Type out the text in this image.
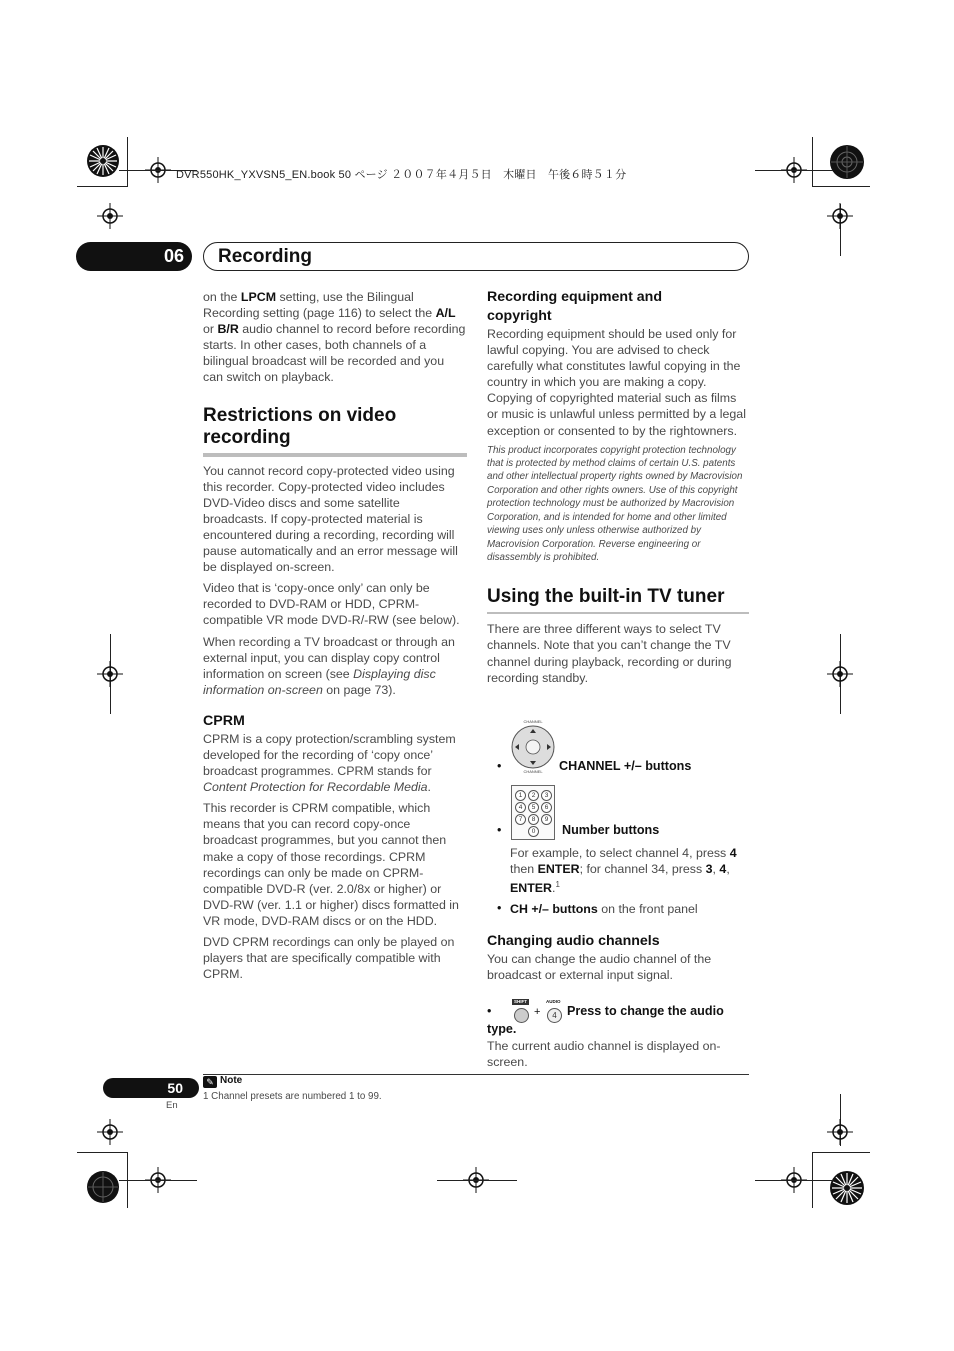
DVR550HK_YXVSN5_EN.book 50 ページ ２００７年４月５日　木曜日　午後６時５１分
06	Recording

on the LPCM setting, use the Bilingual Recording setting (page 116) to select the A/L or B/R audio channel to record before recording starts. In other cases, both channels of a bilingual broadcast will be recorded and you can switch on playback.

Restrictions on video recording

You cannot record copy-protected video using this recorder. Copy-protected video includes DVD-Video discs and some satellite broadcasts. If copy-protected material is encountered during a recording, recording will pause automatically and an error message will be displayed on-screen.

Video that is ‘copy-once only’ can only be recorded to DVD-RAM or HDD, CPRM-compatible VR mode DVD-R/-RW (see below).

When recording a TV broadcast or through an external input, you can display copy control information on screen (see Displaying disc information on-screen on page 73).

CPRM

CPRM is a copy protection/scrambling system developed for the recording of ‘copy once’ broadcast programmes. CPRM stands for Content Protection for Recordable Media.

This recorder is CPRM compatible, which means that you can record copy-once broadcast programmes, but you cannot then make a copy of those recordings. CPRM recordings can only be made on CPRM-compatible DVD-R (ver. 2.0/8x or higher) or DVD-RW (ver. 1.1 or higher) discs formatted in VR mode, DVD-RAM discs or on the HDD.

DVD CPRM recordings can only be played on players that are specifically compatible with CPRM.

Recording equipment and copyright

Recording equipment should be used only for lawful copying. You are advised to check carefully what constitutes lawful copying in the country in which you are making a copy. Copying of copyrighted material such as films or music is unlawful unless permitted by a legal exception or consented to by the rightowners.

This product incorporates copyright protection technology that is protected by method claims of certain U.S. patents and other intellectual property rights owned by Macrovision Corporation and other rights owners. Use of this copyright protection technology must be authorized by Macrovision Corporation, and is intended for home and other limited viewing uses only unless otherwise authorized by Macrovision Corporation. Reverse engineering or disassembly is prohibited.
Using the built-in TV tuner

There are three different ways to select TV channels. Note that you can’t change the TV channel during playback, recording or during recording standby.

•
CHANNEL
CHANNEL CHANNEL +/– buttons
•
1	2	3
4	5	6
7	8	9
0 Number buttons
For example, to select channel 4, press 4 then ENTER; for channel 34, press 3, 4, ENTER.$^1$
• CH +/– buttons on the front panel
Changing audio channels

You can change the audio channel of the broadcast or external input signal.

•
SHIFT
+
AUDIO
4 Press to change the audio
type.
The current audio channel is displayed on-screen.
✎ Note
1 Channel presets are numbered 1 to 99.
50
En
